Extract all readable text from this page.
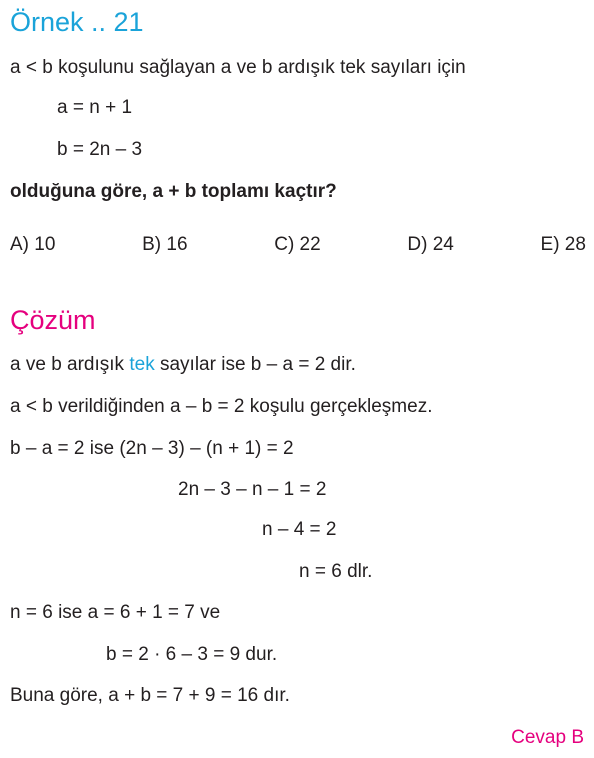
Örnek .. 21
a < b koşulunu sağlayan a ve b ardışık tek sayıları için
a = n + 1
b = 2n – 3
olduğuna göre, a + b toplamı kaçtır?
A) 10	B) 16	C) 22	D) 24	E) 28
Çözüm
a ve b ardışık tek sayılar ise b – a = 2 dir.
a < b verildiğinden a – b = 2 koşulu gerçekleşmez.
b – a = 2 ise (2n – 3) – (n + 1) = 2
2n – 3 – n – 1 = 2
n – 4 = 2
n = 6 dlr.
n = 6 ise a = 6 + 1 = 7 ve
b = 2 · 6 – 3 = 9 dur.
Buna göre, a + b = 7 + 9 = 16 dır.
Cevap B
